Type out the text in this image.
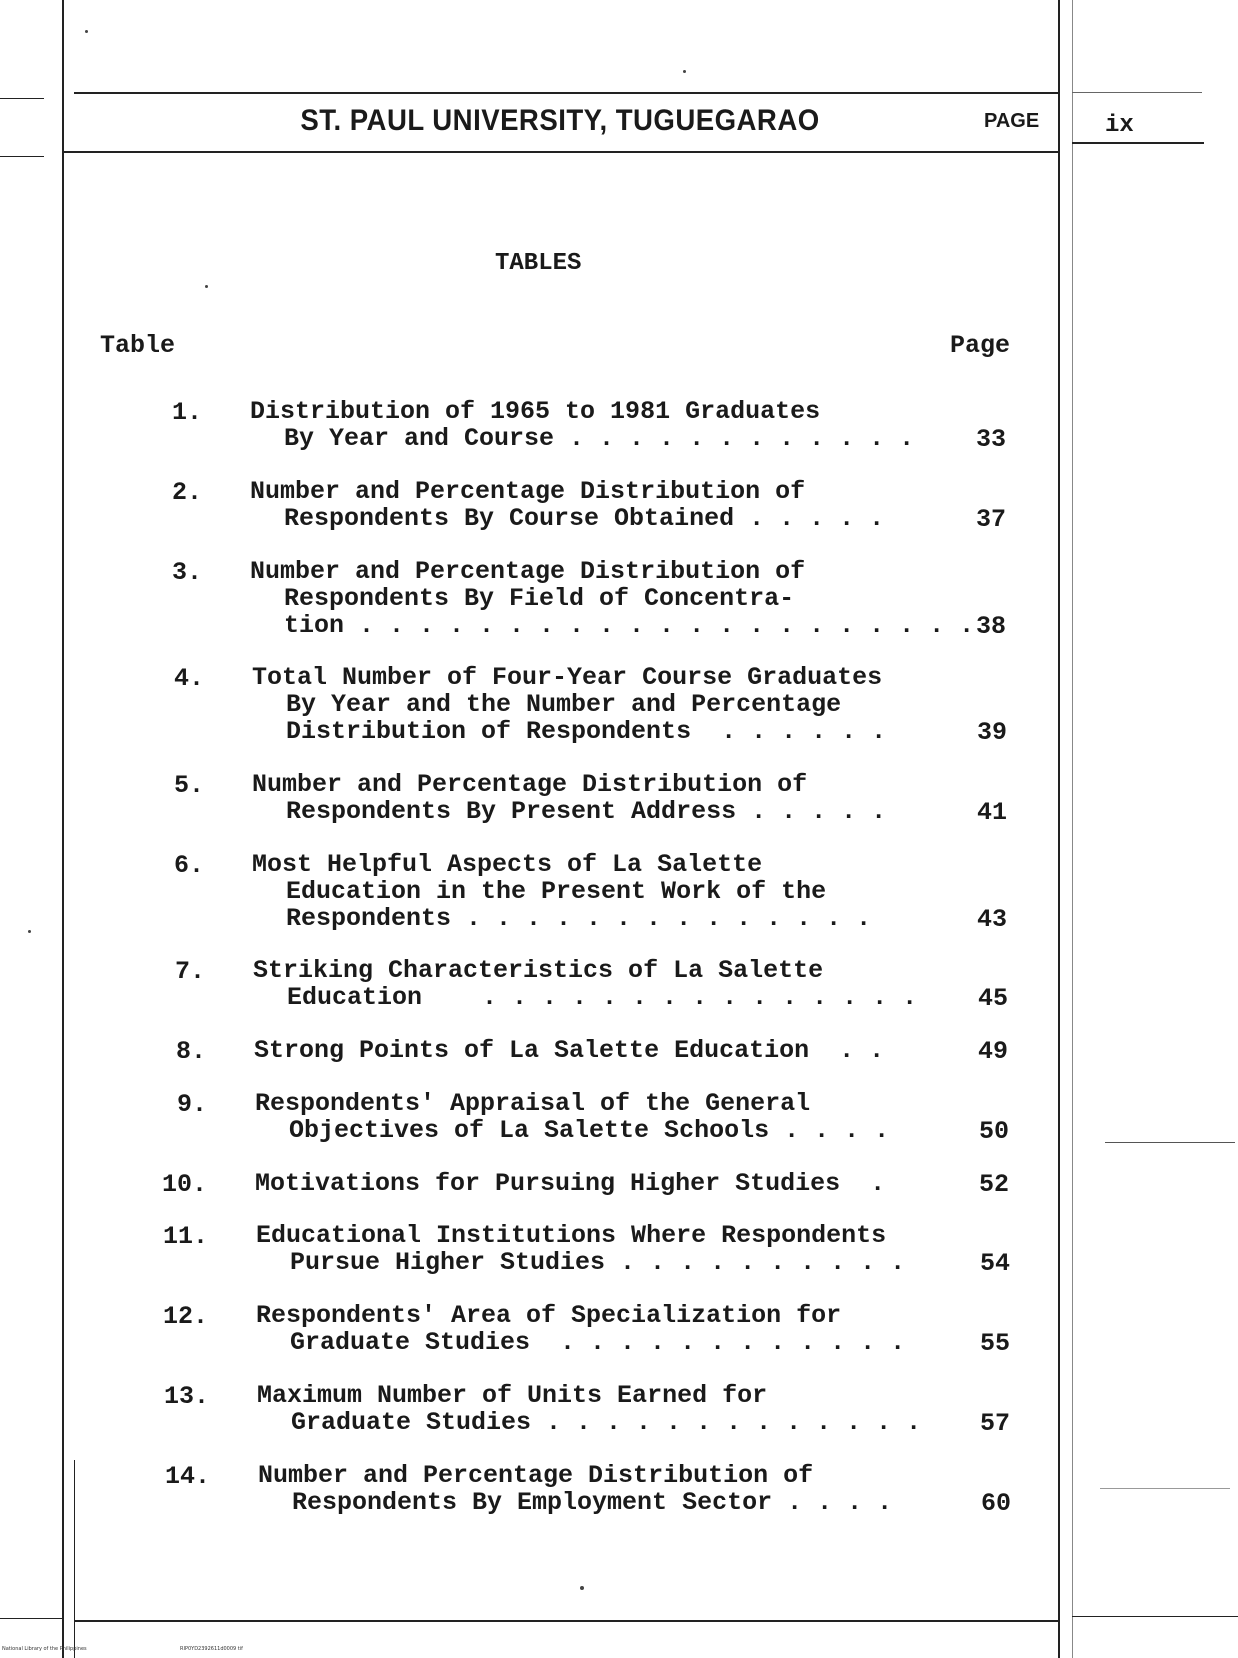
ST. PAUL UNIVERSITY, TUGUEGARAO	PAGE	ix
TABLES
Table	Page
1. Distribution of 1965 to 1981 Graduates
By Year and Course . . . . . . . . . . . .	33
2. Number and Percentage Distribution of
Respondents By Course Obtained . . . . .	37
3. Number and Percentage Distribution of
Respondents By Field of Concentra-
tion . . . . . . . . . . . . . . . . . . . . . 38
4. Total Number of Four-Year Course Graduates
By Year and the Number and Percentage
Distribution of Respondents  . . . . . .	39
5. Number and Percentage Distribution of
Respondents By Present Address . . . . .	41
6. Most Helpful Aspects of La Salette
Education in the Present Work of the
Respondents . . . . . . . . . . . . . .	43
7. Striking Characteristics of La Salette
Education    . . . . . . . . . . . . . . .	45
8. Strong Points of La Salette Education  . .	49
9. Respondents' Appraisal of the General
Objectives of La Salette Schools . . . .	50
10. Motivations for Pursuing Higher Studies  .	52
11. Educational Institutions Where Respondents
Pursue Higher Studies . . . . . . . . . .	54
12. Respondents' Area of Specialization for
Graduate Studies  . . . . . . . . . . . .	55
13. Maximum Number of Units Earned for
Graduate Studies . . . . . . . . . . . . .	57
14. Number and Percentage Distribution of
Respondents By Employment Sector . . . .	60
National Library of the Philippines	RIP0YD2392611d0009 tif
